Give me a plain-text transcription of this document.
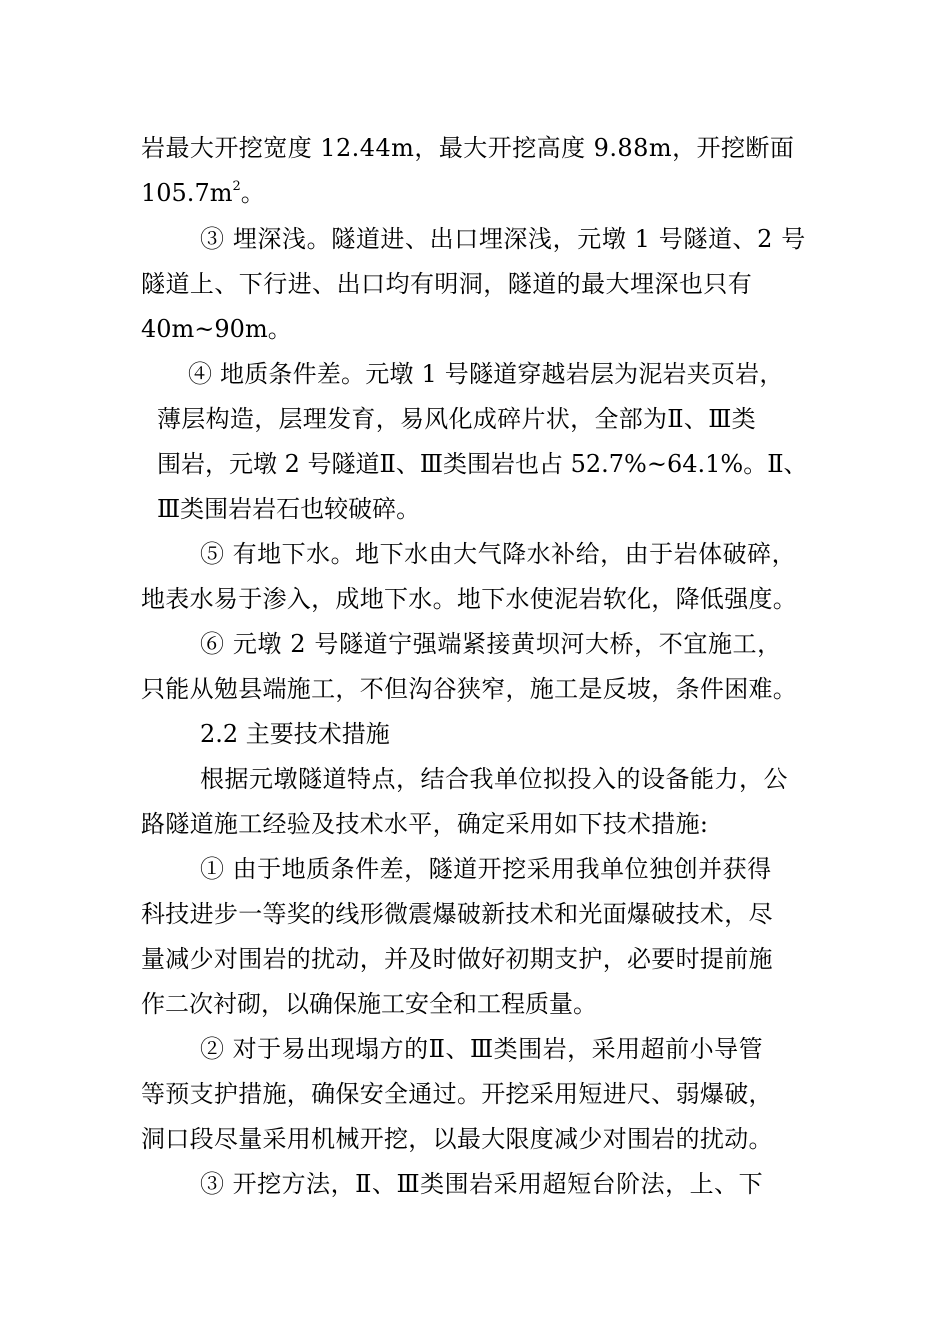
岩最大开挖宽度 12.44m，最大开挖高度 9.88m，开挖断面
$105.7m^2$。
③ 埋深浅。隧道进、出口埋深浅，元墩 1 号隧道、2 号
隧道上、下行进、出口均有明洞，隧道的最大埋深也只有
40m~90m。
④ 地质条件差。元墩 1 号隧道穿越岩层为泥岩夹页岩，
薄层构造，层理发育，易风化成碎片状，全部为Ⅱ、Ⅲ类
围岩，元墩 2 号隧道Ⅱ、Ⅲ类围岩也占 52.7%~64.1%。Ⅱ、
Ⅲ类围岩岩石也较破碎。
⑤ 有地下水。地下水由大气降水补给，由于岩体破碎，
地表水易于渗入，成地下水。地下水使泥岩软化，降低强度。
⑥ 元墩 2 号隧道宁强端紧接黄坝河大桥，不宜施工，
只能从勉县端施工，不但沟谷狭窄，施工是反坡，条件困难。
2.2 主要技术措施
根据元墩隧道特点，结合我单位拟投入的设备能力，公
路隧道施工经验及技术水平，确定采用如下技术措施:
① 由于地质条件差，隧道开挖采用我单位独创并获得
科技进步一等奖的线形微震爆破新技术和光面爆破技术，尽
量减少对围岩的扰动，并及时做好初期支护，必要时提前施
作二次衬砌，以确保施工安全和工程质量。
② 对于易出现塌方的Ⅱ、Ⅲ类围岩，采用超前小导管
等预支护措施，确保安全通过。开挖采用短进尺、弱爆破，
洞口段尽量采用机械开挖，以最大限度减少对围岩的扰动。
③ 开挖方法，Ⅱ、Ⅲ类围岩采用超短台阶法，上、下
